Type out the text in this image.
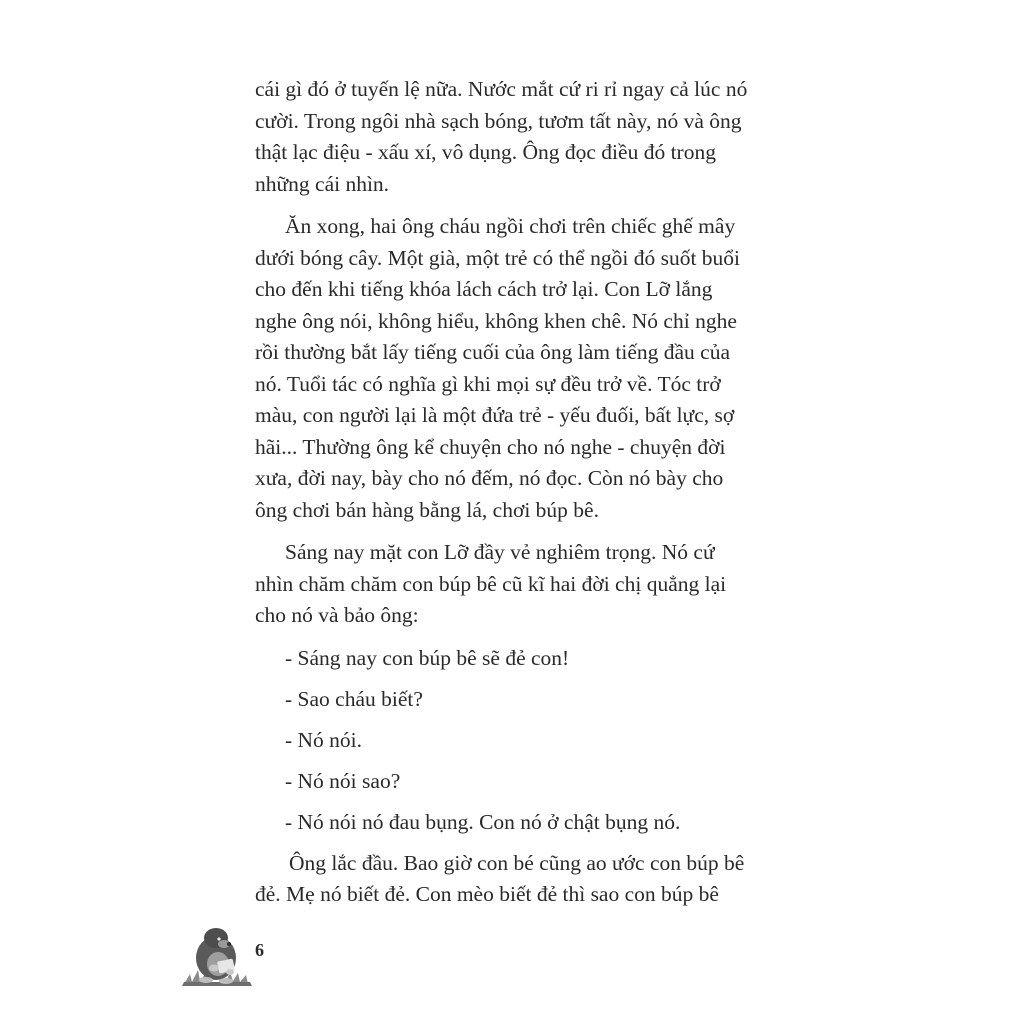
cái gì đó ở tuyến lệ nữa. Nước mắt cứ ri rỉ ngay cả lúc nó
cười. Trong ngôi nhà sạch bóng, tươm tất này, nó và ông
thật lạc điệu - xấu xí, vô dụng. Ông đọc điều đó trong
những cái nhìn.

Ăn xong, hai ông cháu ngồi chơi trên chiếc ghế mây
dưới bóng cây. Một già, một trẻ có thể ngồi đó suốt buổi
cho đến khi tiếng khóa lách cách trở lại. Con Lỡ lắng
nghe ông nói, không hiểu, không khen chê. Nó chỉ nghe
rồi thường bắt lấy tiếng cuối của ông làm tiếng đầu của
nó. Tuổi tác có nghĩa gì khi mọi sự đều trở về. Tóc trở
màu, con người lại là một đứa trẻ - yếu đuối, bất lực, sợ
hãi... Thường ông kể chuyện cho nó nghe - chuyện đời
xưa, đời nay, bày cho nó đếm, nó đọc. Còn nó bày cho
ông chơi bán hàng bằng lá, chơi búp bê.

Sáng nay mặt con Lỡ đầy vẻ nghiêm trọng. Nó cứ
nhìn chăm chăm con búp bê cũ kĩ hai đời chị quẳng lại
cho nó và bảo ông:

- Sáng nay con búp bê sẽ đẻ con!

- Sao cháu biết?

- Nó nói.

- Nó nói sao?

- Nó nói nó đau bụng. Con nó ở chật bụng nó.

Ông lắc đầu. Bao giờ con bé cũng ao ước con búp bê
đẻ. Mẹ nó biết đẻ. Con mèo biết đẻ thì sao con búp bê

6
